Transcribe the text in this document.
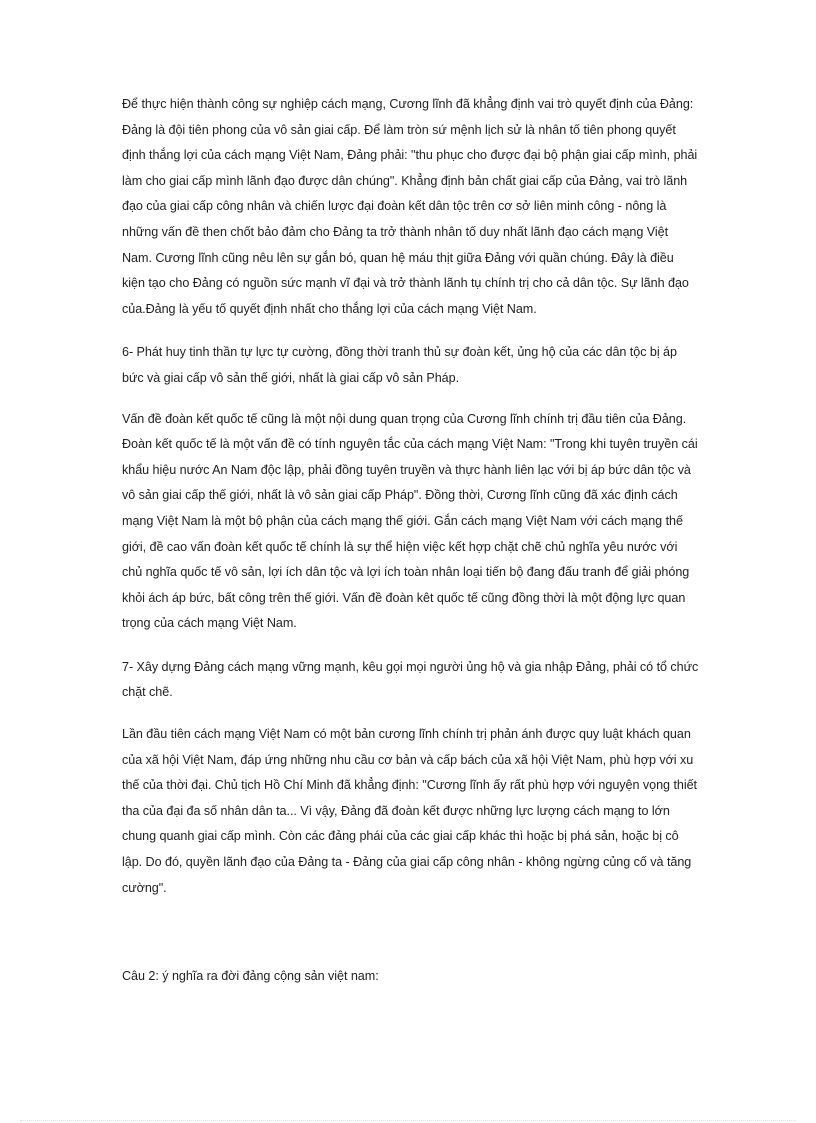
Để thực hiện thành công sự nghiệp cách mạng, Cương lĩnh đã khẳng định vai trò quyết định của Đảng: Đảng là đội tiên phong của vô sản giai cấp. Để làm tròn sứ mệnh lịch sử là nhân tố tiên phong quyết định thắng lợi của cách mạng Việt Nam, Đảng phải: "thu phục cho được đại bộ phận giai cấp mình, phải làm cho giai cấp mình lãnh đạo được dân chúng". Khẳng định bản chất giai cấp của Đảng, vai trò lãnh đạo của giai cấp công nhân và chiến lược đại đoàn kết dân tộc trên cơ sở liên minh công - nông là những vấn đề then chốt bảo đảm cho Đảng ta trở thành nhân tố duy nhất lãnh đạo cách mạng Việt Nam. Cương lĩnh cũng nêu lên sự gắn bó, quan hệ máu thịt giữa Đảng với quần chúng. Đây là điều kiện tạo cho Đảng có nguồn sức mạnh vĩ đại và trở thành lãnh tụ chính trị cho cả dân tộc. Sự lãnh đạo của.Đảng là yếu tố quyết định nhất cho thắng lợi của cách mạng Việt Nam.

6- Phát huy tinh thần tự lực tự cường, đồng thời tranh thủ sự đoàn kết, ủng hộ của các dân tộc bị áp bức và giai cấp vô sản thế giới, nhất là giai cấp vô sản Pháp.

Vấn đề đoàn kết quốc tế cũng là một nội dung quan trọng của Cương lĩnh chính trị đầu tiên của Đảng. Đoàn kết quốc tế là một vấn đề có tính nguyên tắc của cách mạng Việt Nam: "Trong khi tuyên truyền cái khẩu hiệu nước An Nam độc lập, phải đồng tuyên truyền và thực hành liên lạc với bị áp bức dân tộc và vô sản giai cấp thế giới, nhất là vô sản giai cấp Pháp". Đồng thời, Cương lĩnh cũng đã xác định cách mạng Việt Nam là một bộ phận của cách mạng thế giới. Gắn cách mạng Việt Nam với cách mạng thế giới, đề cao vấn đoàn kết quốc tế chính là sự thể hiện việc kết hợp chặt chẽ chủ nghĩa yêu nước với chủ nghĩa quốc tế vô sản, lợi ích dân tộc và lợi ích toàn nhân loại tiến bộ đang đấu tranh để giải phóng khỏi ách áp bức, bất công trên thế giới. Vấn đề đoàn kêt quốc tế cũng đồng thời là một động lực quan trọng của cách mạng Việt Nam.

7- Xây dựng Đảng cách mạng vững mạnh, kêu gọi mọi người ủng hộ và gia nhập Đảng, phải có tổ chức chặt chẽ.

Lần đầu tiên cách mạng Việt Nam có một bản cương lĩnh chính trị phản ánh được quy luật khách quan của xã hội Việt Nam, đáp ứng những nhu cầu cơ bản và cấp bách của xã hội Việt Nam, phù hợp với xu thế của thời đại. Chủ tịch Hồ Chí Minh đã khẳng định: "Cương lĩnh ấy rất phù hợp với nguyện vọng thiết tha của đại đa số nhân dân ta... Vì vậy, Đảng đã đoàn kết được những lực lượng cách mạng to lớn chung quanh giai cấp mình. Còn các đảng phái của các giai cấp khác thì hoặc bị phá sản, hoặc bị cô lập. Do đó, quyền lãnh đạo của Đảng ta - Đảng của giai cấp công nhân - không ngừng củng cố và tăng cường".

Câu 2: ý nghĩa ra đời đảng cộng sản việt nam:
